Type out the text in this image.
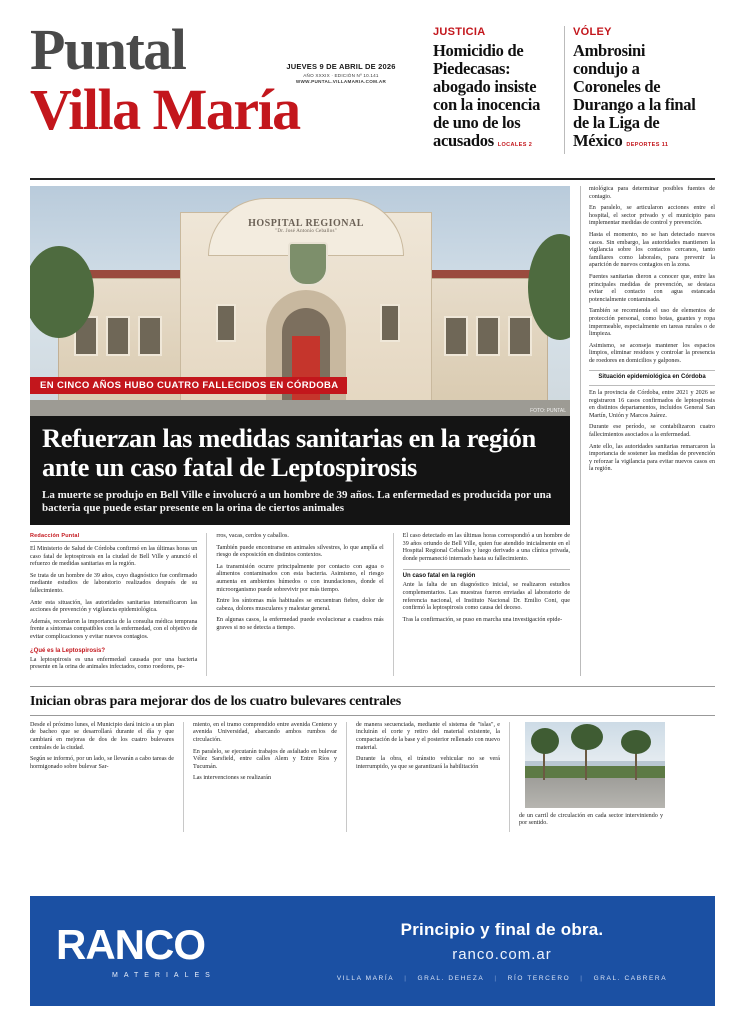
Puntal
Villa María
JUEVES 9 DE ABRIL DE 2026
AÑO XXXIX · EDICIÓN Nº 10.141
WWW.PUNTAL.VILLAMARIA.COM.AR
JUSTICIA
Homicidio de Piedecasas: abogado insiste con la inocencia de uno de los acusados LOCALES 2
VÓLEY
Ambrosini condujo a Coroneles de Durango a la final de la Liga de México DEPORTES 11
HOSPITAL REGIONAL
"Dr. José Antonio Ceballos"
EN CINCO AÑOS HUBO CUATRO FALLECIDOS EN CÓRDOBA
FOTO: PUNTAL
Refuerzan las medidas sanitarias en la región ante un caso fatal de Leptospirosis
La muerte se produjo en Bell Ville e involucró a un hombre de 39 años. La enfermedad es producida por una bacteria que puede estar presente en la orina de ciertos animales
Redacción Puntal

El Ministerio de Salud de Córdoba confirmó en las últimas horas un caso fatal de leptospirosis en la ciudad de Bell Ville y anunció el refuerzo de medidas sanitarias en la región.

Se trata de un hombre de 39 años, cuyo diagnóstico fue confirmado mediante estudios de laboratorio realizados después de su fallecimiento.

Ante esta situación, las autoridades sanitarias intensificaron las acciones de prevención y vigilancia epidemiológica.

Además, recordaron la importancia de la consulta médica temprana frente a síntomas compatibles con la enfermedad, con el objetivo de evitar complicaciones y evitar nuevos contagios.

¿Qué es la Leptospirosis?

La leptospirosis es una enfermedad causada por una bacteria presente en la orina de animales infectados, como roedores, pe-

rros, vacas, cerdos y caballos.

También puede encontrarse en animales silvestres, lo que amplía el riesgo de exposición en distintos contextos.

La transmisión ocurre principalmente por contacto con agua o alimentos contaminados con esta bacteria. Asimismo, el riesgo aumenta en ambientes húmedos o con inundaciones, donde el microorganismo puede sobrevivir por más tiempo.

Entre los síntomas más habituales se encuentran fiebre, dolor de cabeza, dolores musculares y malestar general.

En algunas casos, la enfermedad puede evolucionar a cuadros más graves si no se detecta a tiempo.

El caso detectado en las últimas horas correspondió a un hombre de 39 años oriundo de Bell Ville, quien fue atendido inicialmente en el Hospital Regional Ceballos y luego derivado a una clínica privada, donde permaneció internado hasta su fallecimiento.

Un caso fatal en la región

Ante la falta de un diagnóstico inicial, se realizaron estudios complementarios. Las muestras fueron enviadas al laboratorio de referencia nacional, el Instituto Nacional Dr. Emilio Coni, que confirmó la leptospirosis como causa del deceso.

Tras la confirmación, se puso en marcha una investigación epide-

miológica para determinar posibles fuentes de contagio.

En paralelo, se articularon acciones entre el hospital, el sector privado y el municipio para implementar medidas de control y prevención.

Hasta el momento, no se han detectado nuevos casos. Sin embargo, las autoridades mantienen la vigilancia sobre los contactos cercanos, tanto familiares como laborales, para prevenir la aparición de nuevos contagios en la zona.

Fuentes sanitarias dieron a conocer que, entre las principales medidas de prevención, se destaca evitar el contacto con agua estancada potencialmente contaminada.

También se recomienda el uso de elementos de protección personal, como botas, guantes y ropa impermeable, especialmente en tareas rurales o de limpieza.

Asimismo, se aconseja mantener los espacios limpios, eliminar residuos y controlar la presencia de roedores en domicilios y galpones.

Situación epidemiológica en Córdoba

En la provincia de Córdoba, entre 2021 y 2026 se registraron 16 casos confirmados de leptospirosis en distintos departamentos, incluidos General San Martín, Unión y Marcos Juárez.

Durante ese período, se contabilizaron cuatro fallecimientos asociados a la enfermedad.

Ante ello, las autoridades sanitarias remarcaron la importancia de sostener las medidas de prevención y reforzar la vigilancia para evitar nuevos casos en la región.

Inician obras para mejorar dos de los cuatro bulevares centrales

Desde el próximo lunes, el Municipio dará inicio a un plan de bacheo que se desarrollará durante el día y que cambiará en mejoras de dos de los cuatro bulevares centrales de la ciudad.

Según se informó, por un lado, se llevarán a cabo tareas de hormigonado sobre bulevar Sar-

miento, en el tramo comprendido entre avenida Centeno y avenida Universidad, abarcando ambos rumbos de circulación.

En paralelo, se ejecutarán trabajos de asfaltado en bulevar Vélez Sarsfield, entre calles Alem y Entre Ríos y Tucumán.

Las intervenciones se realizarán

de manera secuenciada, mediante el sistema de "islas", e incluirán el corte y retiro del material existente, la compactación de la base y el posterior rellenado con nuevo material.

Durante la obra, el tránsito vehicular no se verá interrumpido, ya que se garantizará la habilitación

de un carril de circulación en cada sector interviniendo y por sentido.

RANCO
MATERIALES
Principio y final de obra.
ranco.com.ar
VILLA MARÍA | GRAL. DEHEZA | RÍO TERCERO | GRAL. CABRERA
